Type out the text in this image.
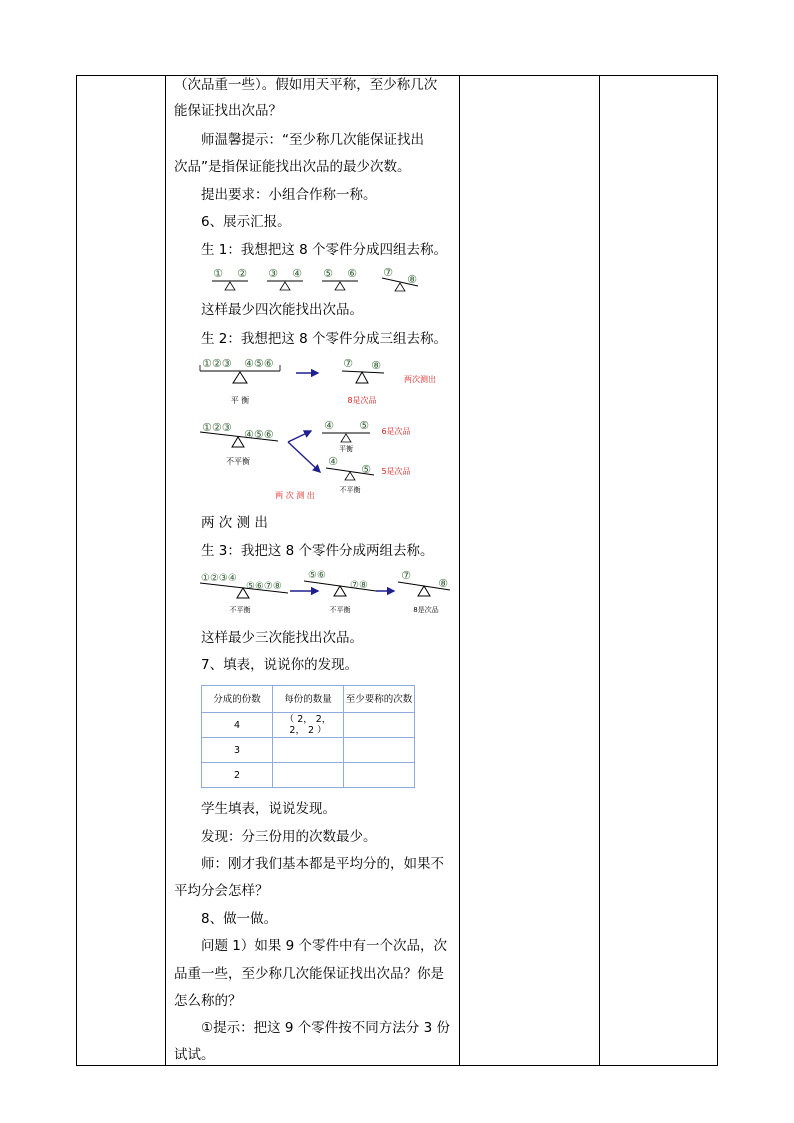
（次品重一些）。假如用天平称，至少称几次
能保证找出次品？
师温馨提示：“至少称几次能保证找出
次品”是指保证能找出次品的最少次数。
提出要求：小组合作称一称。
6、展示汇报。
生 1：我想把这 8 个零件分成四组去称。
这样最少四次能找出次品。
生 2：我想把这 8 个零件分成三组去称。
两 次 测 出
生 3：我把这 8 个零件分成两组去称。
这样最少三次能找出次品。
7、填表，说说你的发现。
学生填表，说说发现。
发现：分三份用的次数最少。
师：刚才我们基本都是平均分的，如果不
平均分会怎样？
8、做一做。
问题 1）如果 9 个零件中有一个次品，次
品重一些，至少称几次能保证找出次品？你是
怎么称的？
①提示：把这 9 个零件按不同方法分 3 份
试试。
① ② ③ ④ ⑤ ⑥ ⑦
⑧
①②③ ④⑤⑥
平 衡
⑦ ⑧
8是次品
两次测出
①②③
④⑤⑥
不平衡
④ ⑤
平衡
6是次品
④
⑤
不平衡
5是次品
两 次 测 出
①②③④
⑤⑥⑦⑧
不平衡
⑤⑥
⑦⑧
不平衡
⑦
⑧
8是次品
分成的份数	每份的数量	至少要称的次数
4	（ 2， 2， 2， 2 ）	
3		
2		
